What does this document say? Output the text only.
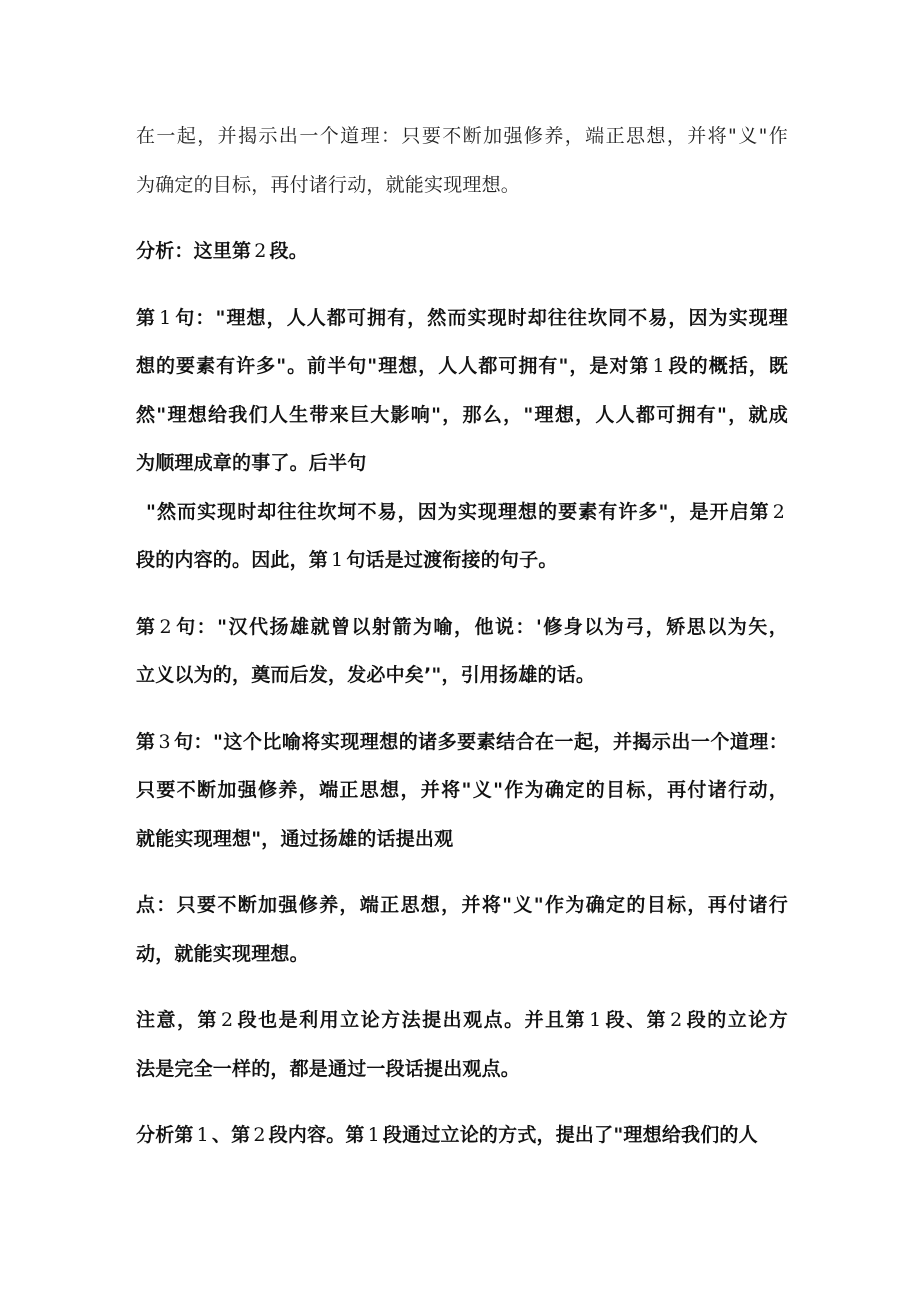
在一起，并揭示出一个道理：只要不断加强修养，端正思想，并将"义"作
为确定的目标，再付诸行动，就能实现理想。
分析：这里第 2 段。
第 1 句："理想，人人都可拥有，然而实现时却往往坎同不易，因为实现理
想的要素有许多"。前半句"理想，人人都可拥有"，是对第 1 段的概括，既
然"理想给我们人生带来巨大影响"，那么，"理想，人人都可拥有"，就成
为顺理成章的事了。后半句
"然而实现时却往往坎坷不易，因为实现理想的要素有许多"，是开启第 2
段的内容的。因此，第 1 句话是过渡衔接的句子。
第 2 句："汉代扬雄就曾以射箭为喻，他说：'修身以为弓，矫思以为矢，
立义以为的，奠而后发，发必中矣’"，引用扬雄的话。
第 3 句："这个比喻将实现理想的诸多要素结合在一起，并揭示出一个道理：
只要不断加强修养，端正思想，并将"义"作为确定的目标，再付诸行动，
就能实现理想"，通过扬雄的话提出观
点：只要不断加强修养，端正思想，并将"义"作为确定的目标，再付诸行
动，就能实现理想。
注意，第 2 段也是利用立论方法提出观点。并且第 1 段、第 2 段的立论方
法是完全一样的，都是通过一段话提出观点。
分析第 1 、第 2 段内容。第 1 段通过立论的方式，提出了"理想给我们的人
